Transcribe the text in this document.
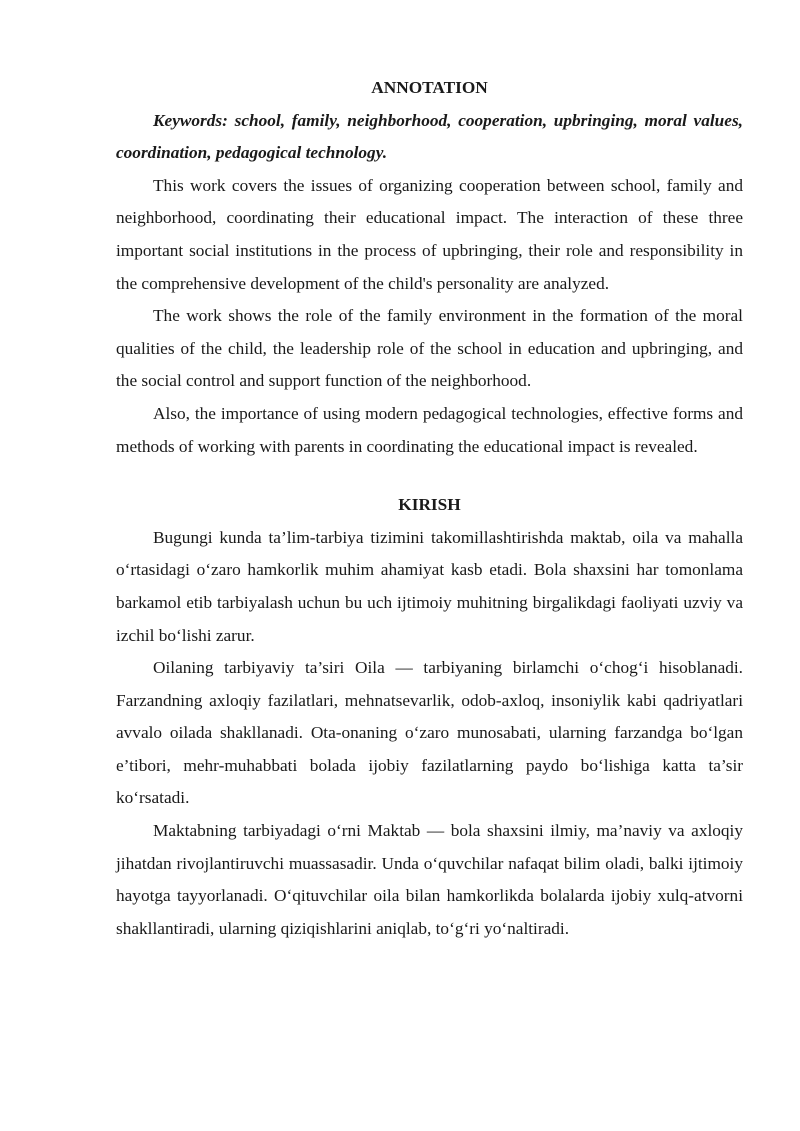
ANNOTATION

Keywords: school, family, neighborhood, cooperation, upbringing, moral values, coordination, pedagogical technology.

This work covers the issues of organizing cooperation between school, family and neighborhood, coordinating their educational impact. The interaction of these three important social institutions in the process of upbringing, their role and responsibility in the comprehensive development of the child's personality are analyzed.

The work shows the role of the family environment in the formation of the moral qualities of the child, the leadership role of the school in education and upbringing, and the social control and support function of the neighborhood.

Also, the importance of using modern pedagogical technologies, effective forms and methods of working with parents in coordinating the educational impact is revealed.

KIRISH

Bugungi kunda ta’lim-tarbiya tizimini takomillashtirishda maktab, oila va mahalla o‘rtasidagi o‘zaro hamkorlik muhim ahamiyat kasb etadi. Bola shaxsini har tomonlama barkamol etib tarbiyalash uchun bu uch ijtimoiy muhitning birgalikdagi faoliyati uzviy va izchil bo‘lishi zarur.

Oilaning tarbiyaviy ta’siri Oila — tarbiyaning birlamchi o‘chog‘i hisoblanadi. Farzandning axloqiy fazilatlari, mehnatsevarlik, odob-axloq, insoniylik kabi qadriyatlari avvalo oilada shakllanadi. Ota-onaning o‘zaro munosabati, ularning farzandga bo‘lgan e’tibori, mehr-muhabbati bolada ijobiy fazilatlarning paydo bo‘lishiga katta ta’sir ko‘rsatadi.

Maktabning tarbiyadagi o‘rni Maktab — bola shaxsini ilmiy, ma’naviy va axloqiy jihatdan rivojlantiruvchi muassasadir. Unda o‘quvchilar nafaqat bilim oladi, balki ijtimoiy hayotga tayyorlanadi. O‘qituvchilar oila bilan hamkorlikda bolalarda ijobiy xulq-atvorni shakllantiradi, ularning qiziqishlarini aniqlab, to‘g‘ri yo‘naltiradi.
